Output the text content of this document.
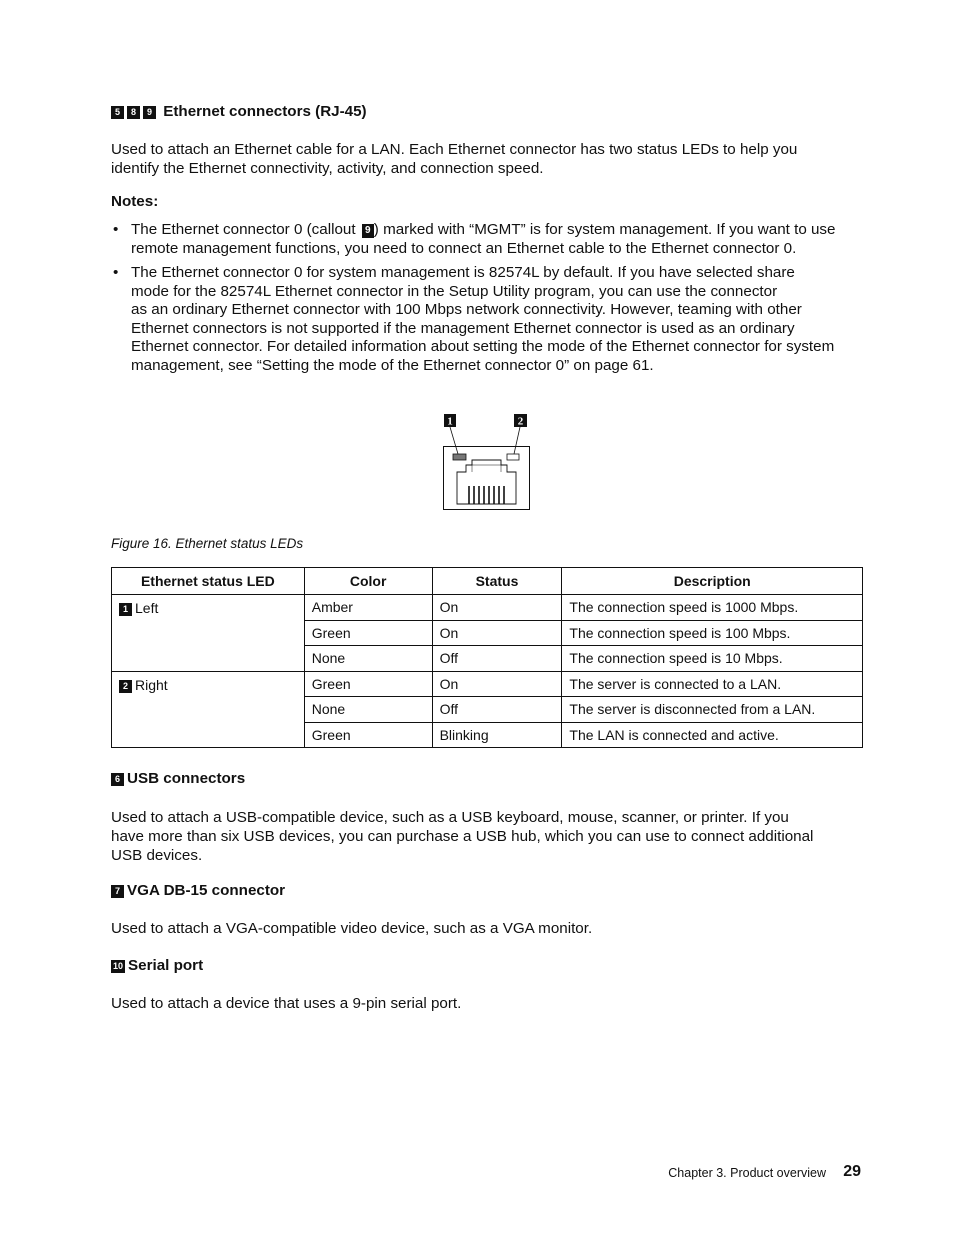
5 8 9 Ethernet connectors (RJ-45)

Used to attach an Ethernet cable for a LAN. Each Ethernet connector has two status LEDs to help you

identify the Ethernet connectivity, activity, and connection speed.

Notes:
• The Ethernet connector 0 (callout 9 ) marked with “MGMT” is for system management. If you want to use
remote management functions, you need to connect an Ethernet cable to the Ethernet connector 0.
• The Ethernet connector 0 for system management is 82574L by default. If you have selected share
mode for the 82574L Ethernet connector in the Setup Utility program, you can use the connector
as an ordinary Ethernet connector with 100 Mbps network connectivity. However, teaming with other
Ethernet connectors is not supported if the management Ethernet connector is used as an ordinary
Ethernet connector. For detailed information about setting the mode of the Ethernet connector for system
management, see “Setting the mode of the Ethernet connector 0” on page 61.
1	2
Figure 16. Ethernet status LEDs
Ethernet status LED	Color	Status	Description
1 Left	Amber	On	The connection speed is 1000 Mbps.
	Green	On	The connection speed is 100 Mbps.
	None	Off	The connection speed is 10 Mbps.
2 Right	Green	On	The server is connected to a LAN.
	None	Off	The server is disconnected from a LAN.
	Green	Blinking	The LAN is connected and active.
6 USB connectors

Used to attach a USB-compatible device, such as a USB keyboard, mouse, scanner, or printer. If you

have more than six USB devices, you can purchase a USB hub, which you can use to connect additional

USB devices.

7 VGA DB-15 connector

Used to attach a VGA-compatible video device, such as a VGA monitor.

10 Serial port

Used to attach a device that uses a 9-pin serial port.

Chapter 3. Product overview 29
